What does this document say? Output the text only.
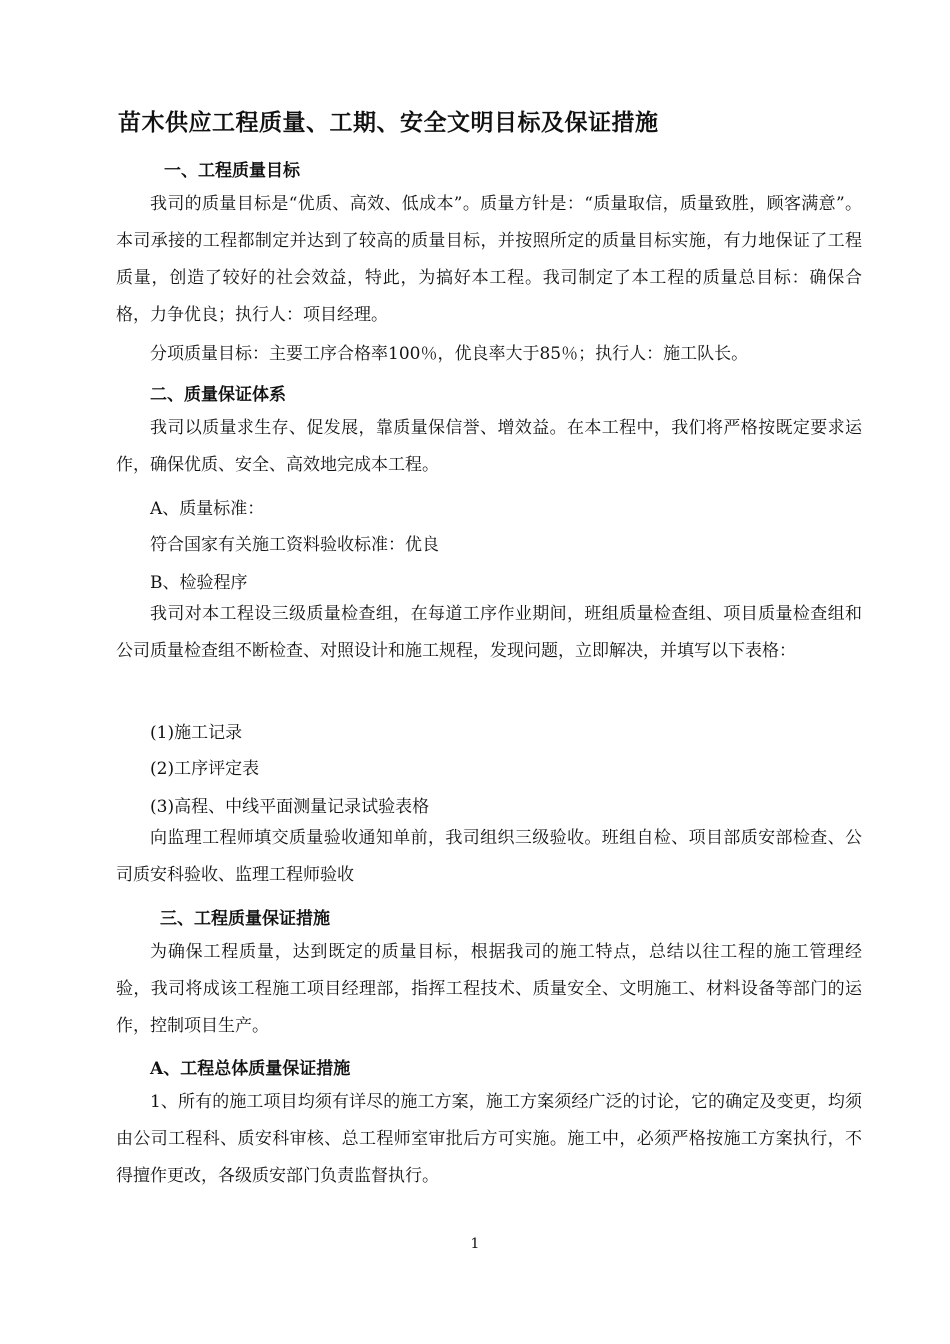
苗木供应工程质量、工期、安全文明目标及保证措施
一、工程质量目标
我司的质量目标是“优质、高效、低成本”。质量方针是：“质量取信，质量致胜，顾客满意”。本司承接的工程都制定并达到了较高的质量目标，并按照所定的质量目标实施，有力地保证了工程质量，创造了较好的社会效益，特此，为搞好本工程。我司制定了本工程的质量总目标：确保合格，力争优良；执行人：项目经理。
分项质量目标：主要工序合格率100％，优良率大于85％；执行人：施工队长。
二、质量保证体系
我司以质量求生存、促发展，靠质量保信誉、增效益。在本工程中，我们将严格按既定要求运作，确保优质、安全、高效地完成本工程。
A、质量标准：
符合国家有关施工资料验收标准：优良
B、检验程序
我司对本工程设三级质量检查组，在每道工序作业期间，班组质量检查组、项目质量检查组和公司质量检查组不断检查、对照设计和施工规程，发现问题，立即解决，并填写以下表格：
(1)施工记录
(2)工序评定表
(3)高程、中线平面测量记录试验表格
向监理工程师填交质量验收通知单前，我司组织三级验收。班组自检、项目部质安部检查、公司质安科验收、监理工程师验收
三、工程质量保证措施
为确保工程质量，达到既定的质量目标，根据我司的施工特点，总结以往工程的施工管理经验，我司将成该工程施工项目经理部，指挥工程技术、质量安全、文明施工、材料设备等部门的运作，控制项目生产。
A、工程总体质量保证措施
1、所有的施工项目均须有详尽的施工方案，施工方案须经广泛的讨论，它的确定及变更，均须由公司工程科、质安科审核、总工程师室审批后方可实施。施工中，必须严格按施工方案执行，不得擅作更改，各级质安部门负责监督执行。
1
